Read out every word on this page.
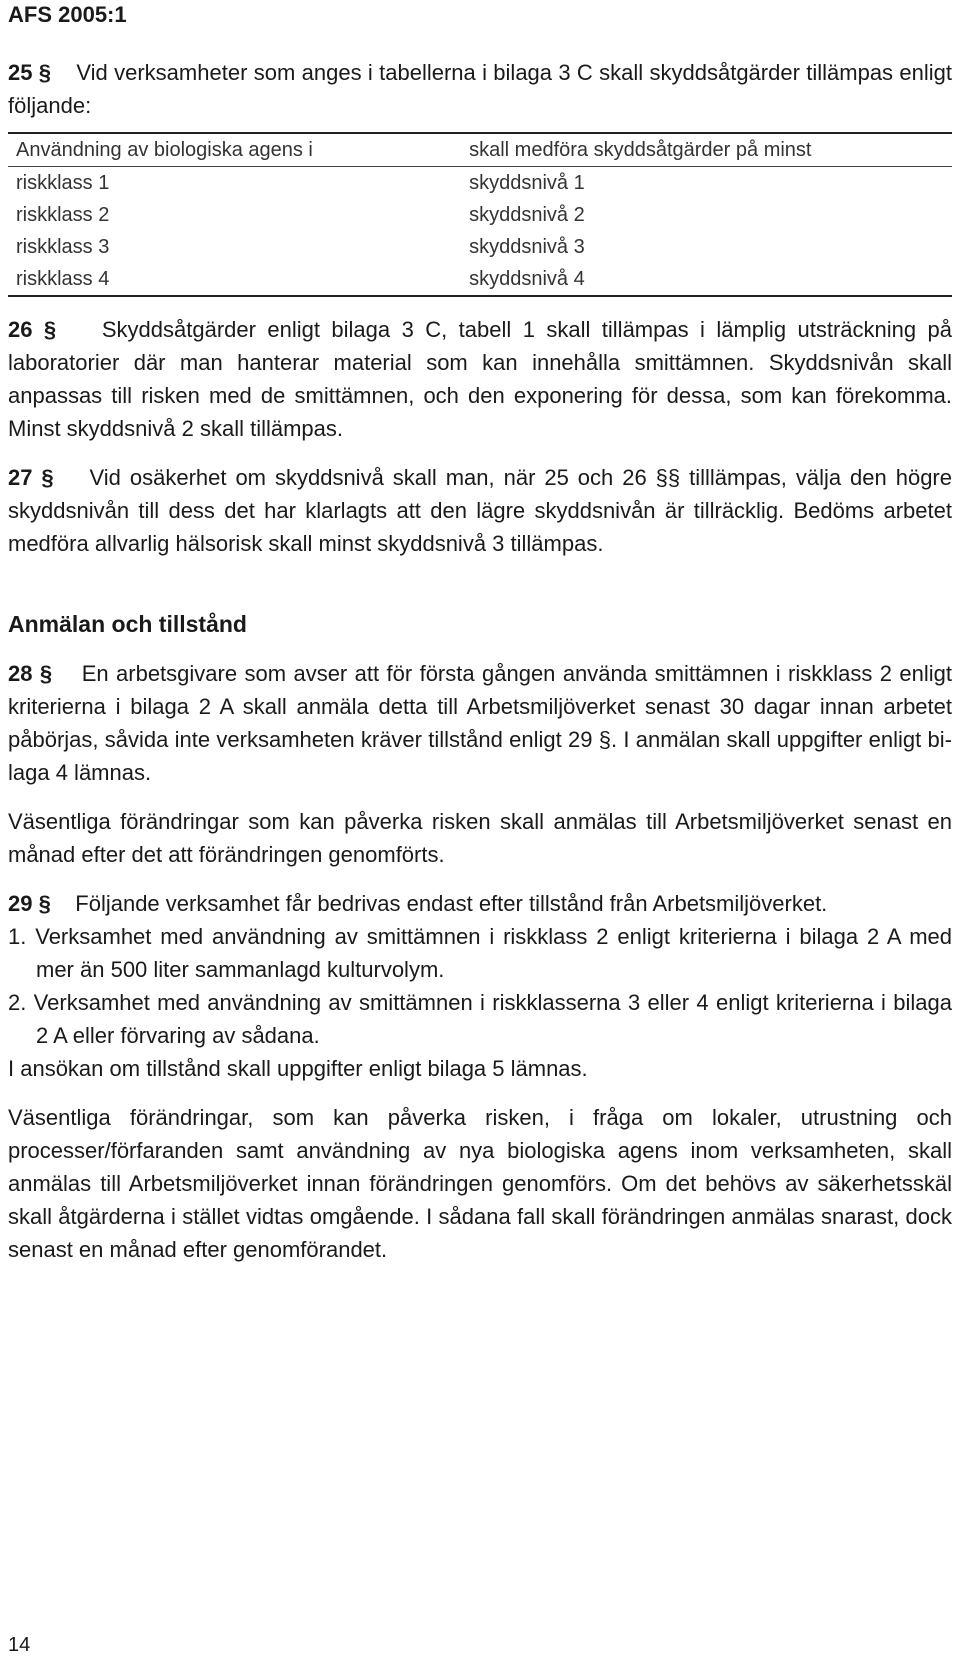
AFS 2005:1

25 § Vid verksamheter som anges i tabellerna i bilaga 3 C skall skyddsåtgärder tillämpas enligt följande:

Användning av biologiska agens i	skall medföra skyddsåtgärder på minst
riskklass 1	skyddsnivå 1
riskklass 2	skyddsnivå 2
riskklass 3	skyddsnivå 3
riskklass 4	skyddsnivå 4

26 § Skyddsåtgärder enligt bilaga 3 C, tabell 1 skall tillämpas i lämplig utsträckning på laboratorier där man hanterar material som kan innehålla smittämnen. Skyddsnivån skall anpassas till risken med de smittämnen, och den exponering för dessa, som kan förekomma. Minst skyddsnivå 2 skall tillämpas.

27 § Vid osäkerhet om skyddsnivå skall man, när 25 och 26 §§ tilllämpas, välja den högre skyddsnivån till dess det har klarlagts att den lägre skyddsnivån är tillräcklig. Bedöms arbetet medföra allvarlig hälsorisk skall minst skyddsnivå 3 tillämpas.

Anmälan och tillstånd

28 § En arbetsgivare som avser att för första gången använda smittämnen i riskklass 2 enligt kriterierna i bilaga 2 A skall anmäla detta till Arbetsmiljöverket senast 30 dagar innan arbetet påbörjas, såvida inte verksamheten kräver tillstånd enligt 29 §. I anmälan skall uppgifter enligt bilaga 4 lämnas.

Väsentliga förändringar som kan påverka risken skall anmälas till Arbetsmiljöverket senast en månad efter det att förändringen genomförts.

29 § Följande verksamhet får bedrivas endast efter tillstånd från Arbetsmiljöverket.

1. Verksamhet med användning av smittämnen i riskklass 2 enligt kriterierna i bilaga 2 A med mer än 500 liter sammanlagd kulturvolym.

2. Verksamhet med användning av smittämnen i riskklasserna 3 eller 4 enligt kriterierna i bilaga 2 A eller förvaring av sådana.

I ansökan om tillstånd skall uppgifter enligt bilaga 5 lämnas.

Väsentliga förändringar, som kan påverka risken, i fråga om lokaler, utrustning och processer/förfaranden samt användning av nya biologiska agens inom verksamheten, skall anmälas till Arbetsmiljöverket innan förändringen genomförs. Om det behövs av säkerhetsskäl skall åtgärderna i stället vidtas omgående. I sådana fall skall förändringen anmälas snarast, dock senast en månad efter genomförandet.

14
